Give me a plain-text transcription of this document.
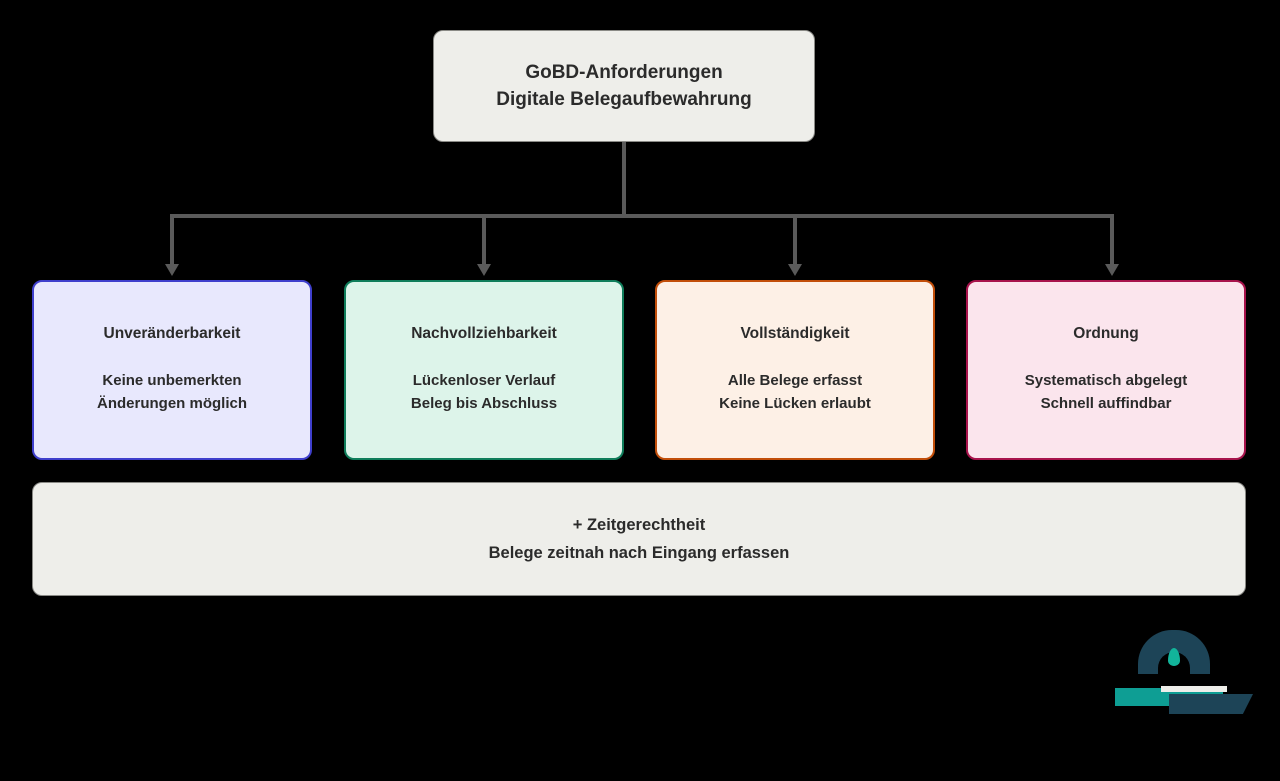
GoBD-Anforderungen
Digitale Belegaufbewahrung
Unveränderbarkeit
Keine unbemerkten
Änderungen möglich
Nachvollziehbarkeit
Lückenloser Verlauf
Beleg bis Abschluss
Vollständigkeit
Alle Belege erfasst
Keine Lücken erlaubt
Ordnung
Systematisch abgelegt
Schnell auffindbar
+ Zeitgerechtheit
Belege zeitnah nach Eingang erfassen
